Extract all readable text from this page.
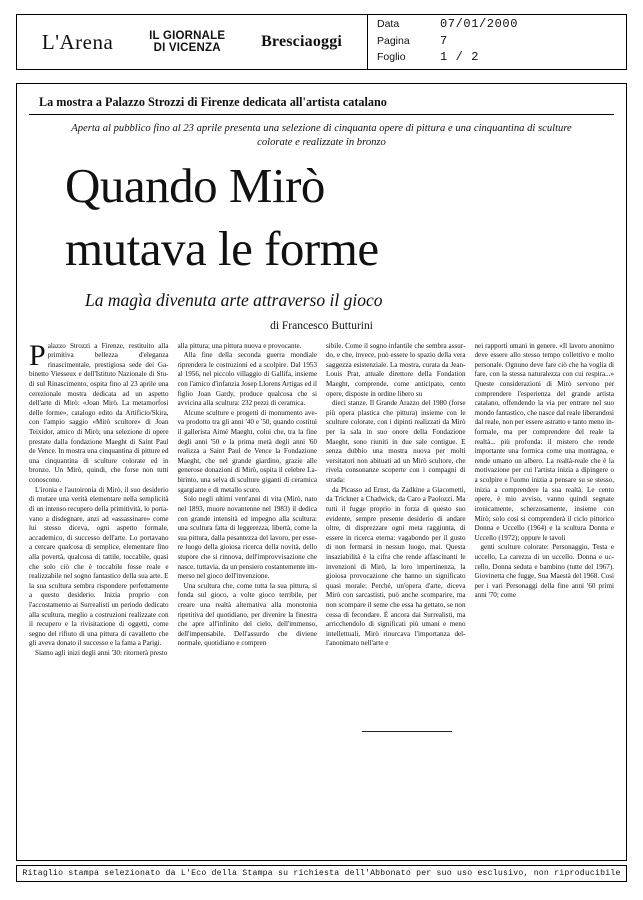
L'Arena	IL GIORNALE
DI VICENZA	Bresciaoggi
Data	07/01/2000
Pagina	7
Foglio	1 / 2
La mostra a Palazzo Strozzi di Firenze dedicata all'artista catalano
Aperta al pubblico fino al 23 aprile presenta una selezione di cinquanta opere di pittura e una cinquantina di sculture colorate e realizzate in bronzo
Quando Mirò
mutava le forme
La magìa divenuta arte attraverso il gioco
di Francesco Butturini

Palazzo Strozzi a Firenze, restituito alla primitiva bellezza d'eleganza rinascimentale, prestigiosa sede dei Gabinetto Viesseux e dell'Istituto Nazionale di Studi sul Rinascimento, ospita fino al 23 aprile una cerezionale mostra dedicata ad un aspetto dell'arte di Mirò: «Joan Mirò. La metamorfosi delle forme», catalogo edito da Artificio/Skira, con l'ampio saggio «Mirò scultore» di Joan Teixidor, amico di Mirò; una selezione di opere prestate dalla fondazione Maeght di Saint Paul de Vence. In mostra una cinquantina di pitture ed una cinquantina di sculture colorate ed in bronzo. Un Mirò, quindi, che forse non tutti conoscono.

L'ironia e l'autoironia di Mirò, il suo desiderio di mutare una verità elementare nella semplicità di un intenso recupero della primitività, lo portavano a disdegnare, anzi ad «assassinare» come lui stesso diceva, ogni aspetto formale, accademico, di successo dell'arte. Lo portavano a cercare qualcosa di semplice, elementare fino alla povertà, qualcosa di tattile, toccabile, quasi che solo ciò che è toccabile fosse reale e realizzabile nel sogno fantastico della sua arte. E la sua scultura sembra rispondere perfettamente a questo desiderio. Inizia proprio con l'accostamento ai Surrealisti un periodo dedicato alla scultura, meglio a costruzioni realizzate con il recupero e la rivisitazione di oggetti, come segno del rifiuto di una pittura di cavalletto che gli aveva donato il successo e la fama a Parigi.

Siamo agli inizi degli anni '30: ritornerà presto

alla pittura; una pittura nuova e provocante.

Alla fine della seconda guerra mondiale riprendera le costruzioni ed a scolpire. Dal 1953 al 1956, nel piccolo villaggio di Gallifa, insieme con l'amico d'infanzia Josep Llorens Artigas ed il figlio Joan Gardy, produce qualcosa che si avvicina alla scultura: 232 pezzi di ceramica.

Alcune sculture e progetti di monumento aveva prodotto tra gli anni '40 e '50, quando costituì il gallerista Aimé Maeght, colui che, tra la fine degli anni '50 e la prima metà degli anni '60 realizza a Saint Paul de Vence la Fondazione Maeght, che nel grande giardino, grazie alle generose donazioni di Mirò, ospita il celebre Labirinto, una selva di sculture giganti di ceramica sgargiante e di metallo scuro.

Solo negli ultimi vent'anni di vita (Mirò, nato nel 1893, muore novantenne nel 1983) il dedica con grande intensità ed impegno alla scultura: una scultura fatta di leggerezza, libertà, come la sua pittura, dalla pesantezza del lavoro, per essere luogo della gioiosa ricerca della novità, dello stupore che si rinnova, dell'improvvisazione che nasce, tuttavia, da un pensiero costantemente immerso nel gioco dell'invenzione.

Una scultura che, come tutta la sua pittura, si fonda sul gioco, a volte gioco terribile, per creare una realtà alternativa alla monotonia ripetitiva del quotidiano, per divenire la finestra che apre all'infinito del cielo, dell'immenso, dell'impensabile. Dell'assurdo che diviene normale, quotidiano e compren

sibile. Come il sogno infantile che sembra assurdo, e che, invece, può essere lo spazio della vera saggezza esistenziale. La mostra, curata da Jean-Louis Prat, attuale direttore della Fondation Maeght, comprende, come anticipato, cento opere, disposte in ordine libero su

dieci stanze. Il Grande Arazzo del 1980 (forse più opera plastica che pittura) insieme con le sculture colorate, con i dipinti realizzati da Mirò per la sala in suo onore della Fondazione Maeght, sono riuniti in due sale contigue. E senza dubbio una mostra nuova per molti versitatori non abituati ad un Mirò scultore, che rivela consonanze scoperte con i compagni di strada:

da Picasso ad Ernst, da Zadkine a Giacometti, da Trickner a Chadwick, da Caro a Paolozzi. Ma tutti il fugge proprio in forza di questo suo evidente, sempre presente desiderio di andare oltre, di disprezzare ogni meta raggiunta, di essere in ricerca eterna: vagabondo per il gusto di non fermarsi in nessun luogo, mai. Questa insaziabilità è la cifra che rende affascinanti le invenzioni di Mirò, la loro impertinenza, la gioiosa provocazione che hanno un significato quasi morale: Perché, un'opera d'arte, diceva Mirò con sarcastisti, può anche scomparire, ma non scompare il seme che essa ha gettato, se non cessa di fecondare. È ancora dai Surrealisti, ma arricchendolo di significati più umani e meno intellettuali, Mirò rinurcava l'importanza dell'anonimato nell'arte e

nei rapporti umani in genere. «Il lavoro anonimo deve essere allo stesso tempo collettivo e molto personale. Ognuno deve fare ciò che ha voglia di fare, con la stessa naturalezza con cui respira...» Queste considerazioni di Mirò servono per comprendere l'esperienza del grande artista catalano, offendendo la via per entrare nel suo mondo fantastico, che nasce dal reale liberandosi dal reale, non per essere astratto e tanto meno informale, ma per comprendere del reale la realtà... più profonda: il mistero che rende importante una formica come una montagna, e rende umano un albero. La realtà-reale che è la motivazione per cui l'artista inizia a dipingere o a scolpire e l'uomo inizia a pensare su se stesso, inizia a comprendere la sua realtà. Le cento opere, è mio avviso, vanno quindi segnate ironicamente, scherzosamente, insieme con Mirò; solo così si comprenderà il ciclo pittorico Donna e Uccello (1964) e la scultura Donna e Uccello (1972); oppure le tavoli

genti sculture colorate: Personaggio, Testa e uccello, La carezza di un uccello. Donna e uccello, Donna seduta e bambino (tutte del 1967). Giovinetta che fugge, Sua Maestà del 1968. Così per i vari Personaggi della fine anni '60 primi anni '70; come

Ritaglio stampa selezionato da L'Eco della Stampa su richiesta dell'Abbonato per suo uso esclusivo, non riproducibile
